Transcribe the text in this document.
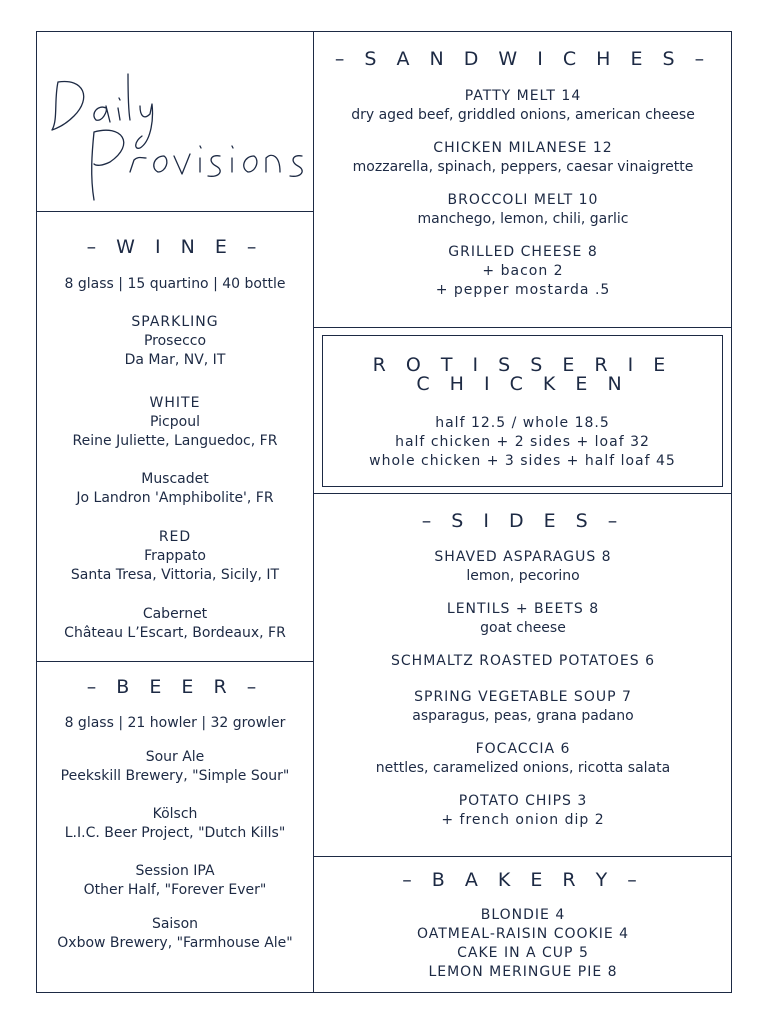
– W I N E –
8 glass | 15 quartino | 40 bottle
SPARKLING
Prosecco
Da Mar, NV, IT
WHITE
Picpoul
Reine Juliette, Languedoc, FR
Muscadet
Jo Landron 'Amphibolite', FR
RED
Frappato
Santa Tresa, Vittoria, Sicily, IT
Cabernet
Château L’Escart, Bordeaux, FR
– B E E R –
8 glass | 21 howler | 32 growler
Sour Ale
Peekskill Brewery, "Simple Sour"
Kölsch
L.I.C. Beer Project, "Dutch Kills"
Session IPA
Other Half, "Forever Ever"
Saison
Oxbow Brewery, "Farmhouse Ale"
– S A N D W I C H E S –
PATTY MELT 14
dry aged beef, griddled onions, american cheese
CHICKEN MILANESE 12
mozzarella, spinach, peppers, caesar vinaigrette
BROCCOLI MELT 10
manchego, lemon, chili, garlic
GRILLED CHEESE 8
+ bacon 2
+ pepper mostarda .5
R O T I S S E R I E
C H I C K E N
half 12.5 / whole 18.5
half chicken + 2 sides + loaf 32
whole chicken + 3 sides + half loaf 45
– S I D E S –
SHAVED ASPARAGUS 8
lemon, pecorino
LENTILS + BEETS 8
goat cheese
SCHMALTZ ROASTED POTATOES 6
SPRING VEGETABLE SOUP 7
asparagus, peas, grana padano
FOCACCIA 6
nettles, caramelized onions, ricotta salata
POTATO CHIPS 3
+ french onion dip 2
– B A K E R Y –
BLONDIE 4
OATMEAL-RAISIN COOKIE 4
CAKE IN A CUP 5
LEMON MERINGUE PIE 8
